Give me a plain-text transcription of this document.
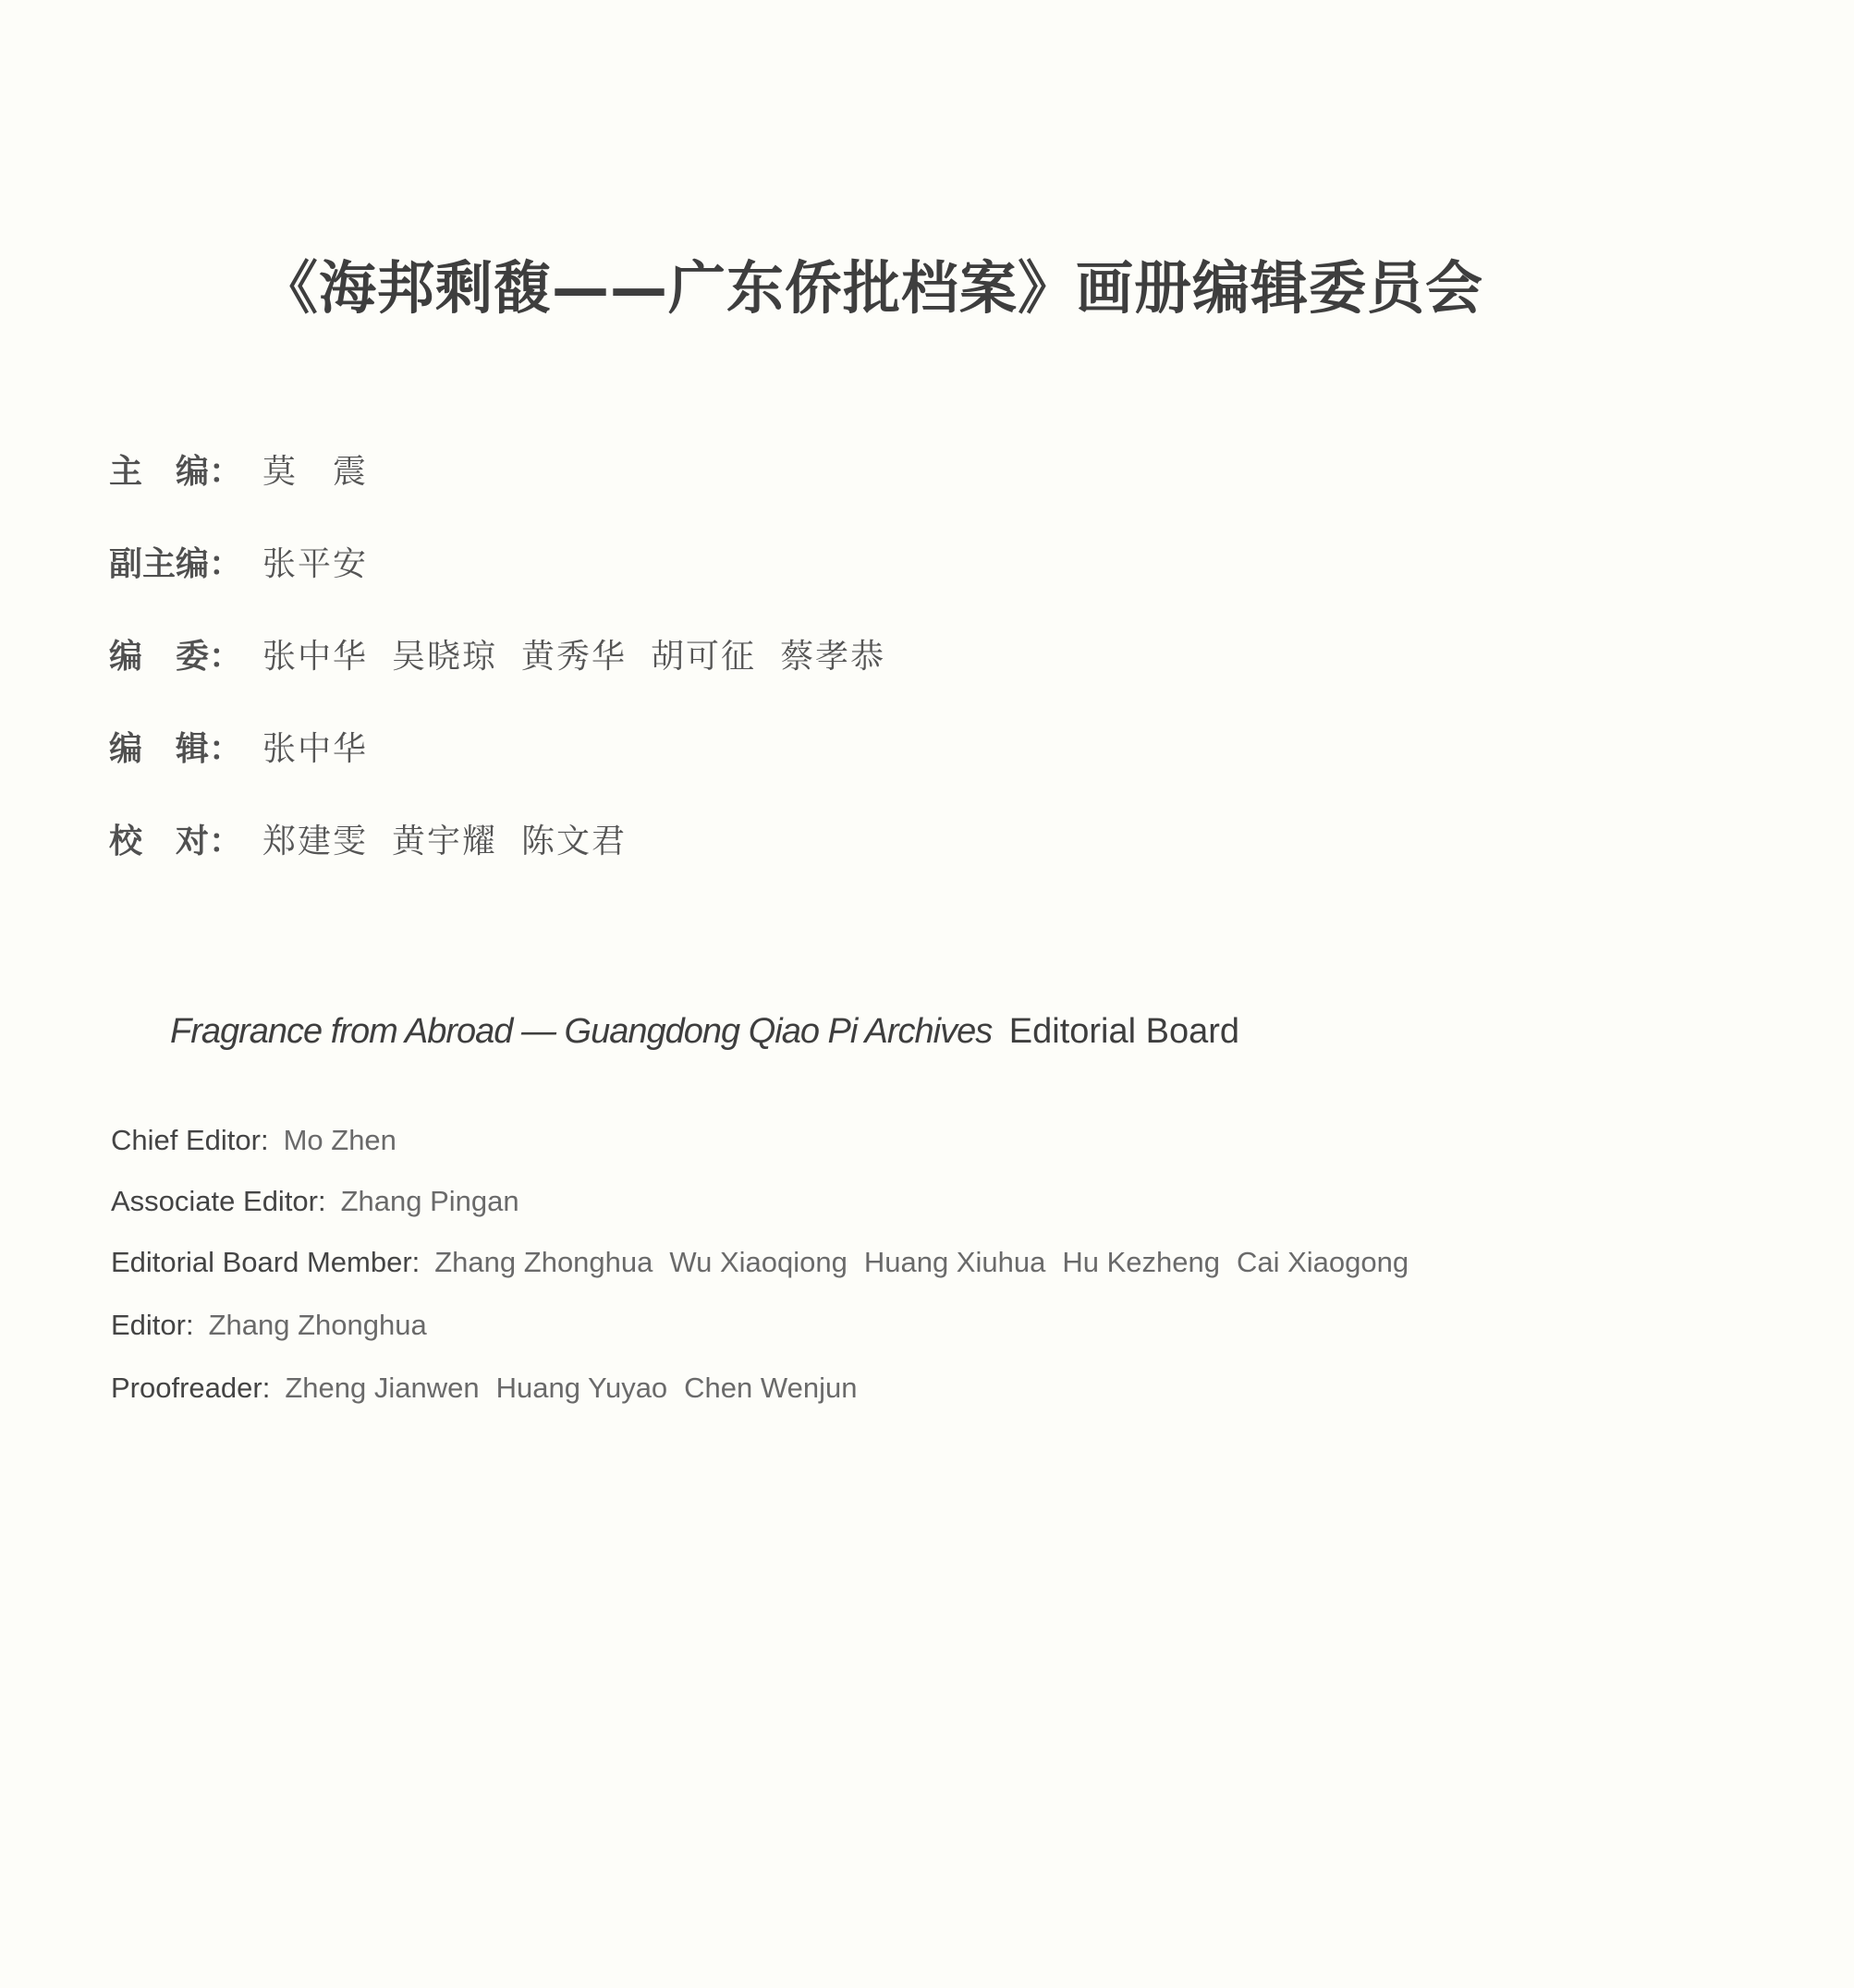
《海邦剩馥——广东侨批档案》画册编辑委员会
主　编： 莫　震
副主编： 张平安
编　委： 张中华 吴晓琼 黄秀华 胡可征 蔡孝恭
编　辑： 张中华
校　对： 郑建雯 黄宇耀 陈文君
Fragrance from Abroad — Guangdong Qiao Pi Archives Editorial Board
Chief Editor: Mo Zhen
Associate Editor: Zhang Pingan
Editorial Board Member: Zhang Zhonghua Wu Xiaoqiong Huang Xiuhua Hu Kezheng Cai Xiaogong
Editor: Zhang Zhonghua
Proofreader: Zheng Jianwen Huang Yuyao Chen Wenjun
